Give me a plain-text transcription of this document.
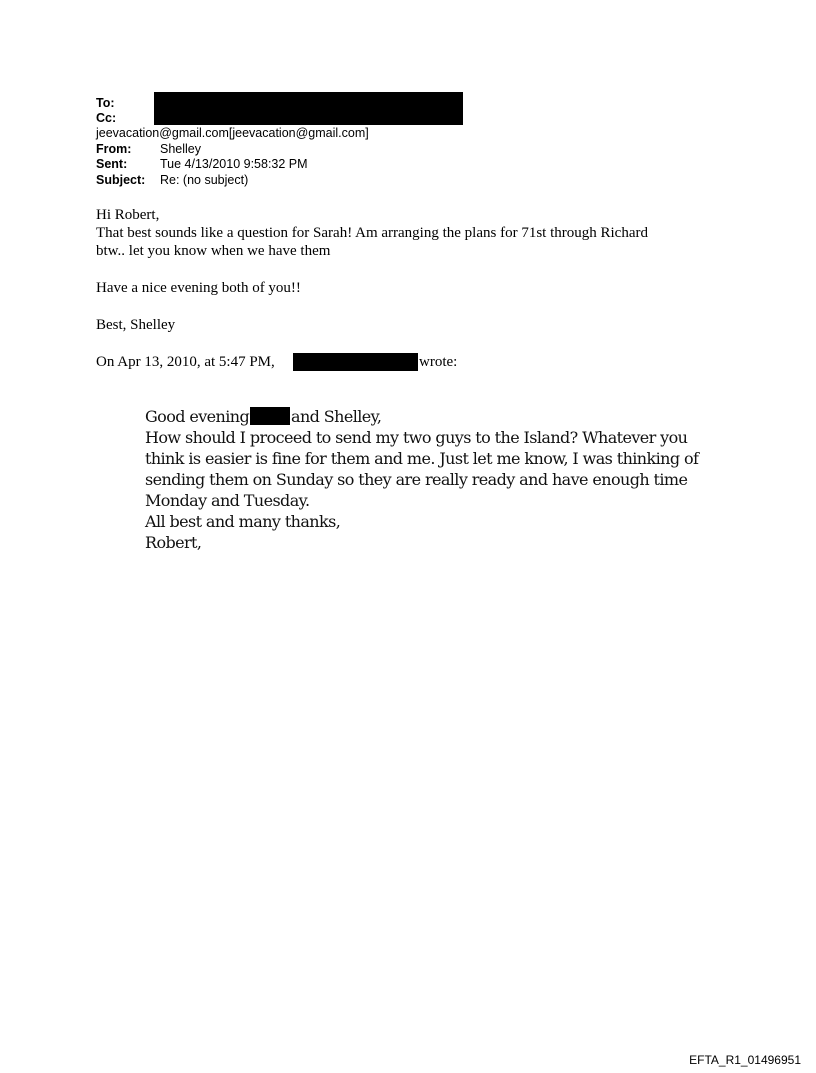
To:
Cc:
jeevacation@gmail.com[jeevacation@gmail.com]
From: Shelley
Sent:	Tue 4/13/2010 9:58:32 PM
Subject: Re: (no subject)
Hi Robert,
That best sounds like a question for Sarah! Am arranging the plans for 71st through Richard
btw.. let you know when we have them
Have a nice evening both of you!!
Best, Shelley
On Apr 13, 2010, at 5:47 PM,	wrote:
Good evening	and Shelley,
How should I proceed to send my two guys to the Island? Whatever you
think is easier is fine for them and me. Just let me know, I was thinking of
sending them on Sunday so they are really ready and have enough time
Monday and Tuesday.
All best and many thanks,
Robert,
EFTA_R1_01496951
